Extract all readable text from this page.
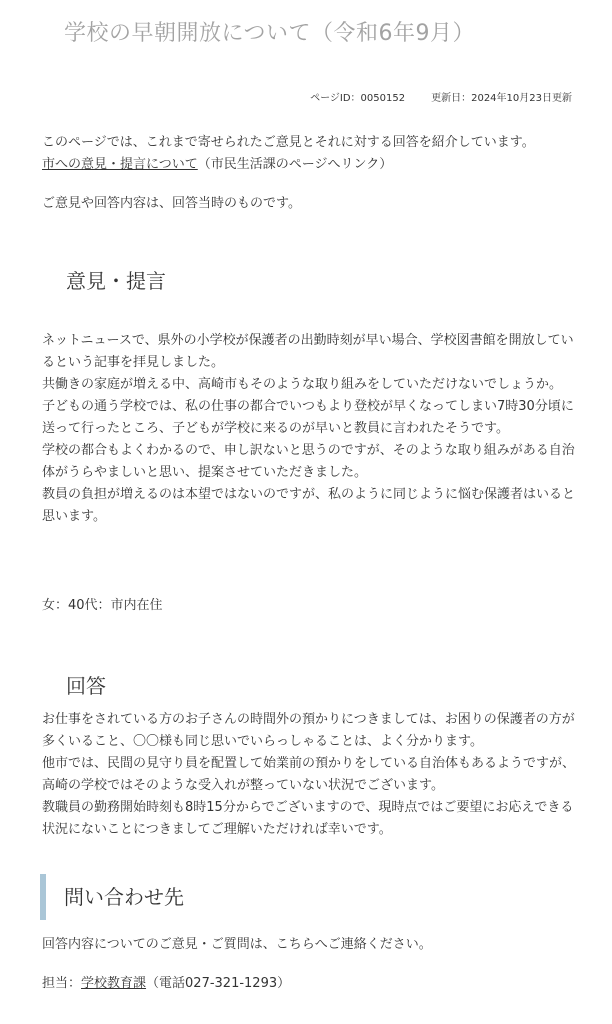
学校の早朝開放について（令和6年9月）
ページID：0050152	更新日：2024年10月23日更新
このページでは、これまで寄せられたご意見とそれに対する回答を紹介しています。
市への意見・提言について（市民生活課のページへリンク）
ご意見や回答内容は、回答当時のものです。
意見・提言
ネットニュースで、県外の小学校が保護者の出勤時刻が早い場合、学校図書館を開放しているという記事を拝見しました。
共働きの家庭が増える中、高崎市もそのような取り組みをしていただけないでしょうか。
子どもの通う学校では、私の仕事の都合でいつもより登校が早くなってしまい7時30分頃に送って行ったところ、子どもが学校に来るのが早いと教員に言われたそうです。
学校の都合もよくわかるので、申し訳ないと思うのですが、そのような取り組みがある自治体がうらやましいと思い、提案させていただきました。
教員の負担が増えるのは本望ではないのですが、私のように同じように悩む保護者はいると思います。
女：40代：市内在住
回答
お仕事をされている方のお子さんの時間外の預かりにつきましては、お困りの保護者の方が多くいること、〇〇様も同じ思いでいらっしゃることは、よく分かります。
他市では、民間の見守り員を配置して始業前の預かりをしている自治体もあるようですが、高崎の学校ではそのような受入れが整っていない状況でございます。
教職員の勤務開始時刻も8時15分からでございますので、現時点ではご要望にお応えできる状況にないことにつきましてご理解いただければ幸いです。
問い合わせ先
回答内容についてのご意見・ご質問は、こちらへご連絡ください。
担当：学校教育課（電話027-321-1293）
